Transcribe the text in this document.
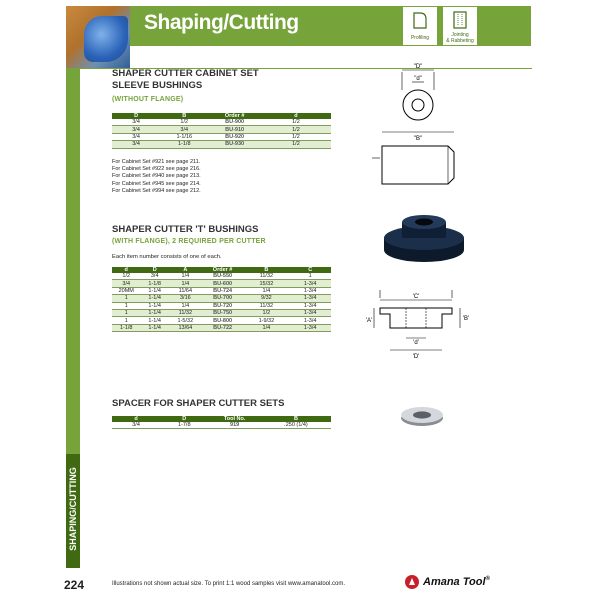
Shaping/Cutting
Profiling	Jointing
& Rabbeting
SHAPING/CUTTING
224
SHAPER CUTTER CABINET SET
SLEEVE BUSHINGS
(WITHOUT FLANGE)
D	B	Order #	d
3/4	1/2	BU-900	1/2
3/4	3/4	BU-910	1/2
3/4	1-1/16	BU-920	1/2
3/4	1-1/8	BU-930	1/2
For Cabinet Set #921 see page 211.
For Cabinet Set #922 see page 216.
For Cabinet Set #940 see page 213.
For Cabinet Set #945 see page 214.
For Cabinet Set #994 see page 212.
"D"
"d"
"B"
SHAPER CUTTER 'T' BUSHINGS
(WITH FLANGE), 2 REQUIRED PER CUTTER
Each item number consists of one of each.
d	D	A	Order #	B	C
1/2	3/4	1/4	BU-550	11/32	1
3/4	1-1/8	1/4	BU-600	15/32	1-3/4
20MM	1-1/4	11/64	BU-724	1/4	1-3/4
1	1-1/4	3/16	BU-700	9/32	1-3/4
1	1-1/4	1/4	BU-720	11/32	1-3/4
1	1-1/4	11/32	BU-750	1/2	1-3/4
1	1-1/4	1-5/32	BU-800	1-9/32	1-3/4
1-1/8	1-1/4	13/64	BU-722	1/4	1-3/4
'C'
'A'	'B'
'd'
'D'
SPACER FOR SHAPER CUTTER SETS
d	D	Tool No.	B
3/4	1-7/8	919	.250 (1/4)
Illustrations not shown actual size. To print 1:1 wood samples visit www.amanatool.com.	Amana Tool®
